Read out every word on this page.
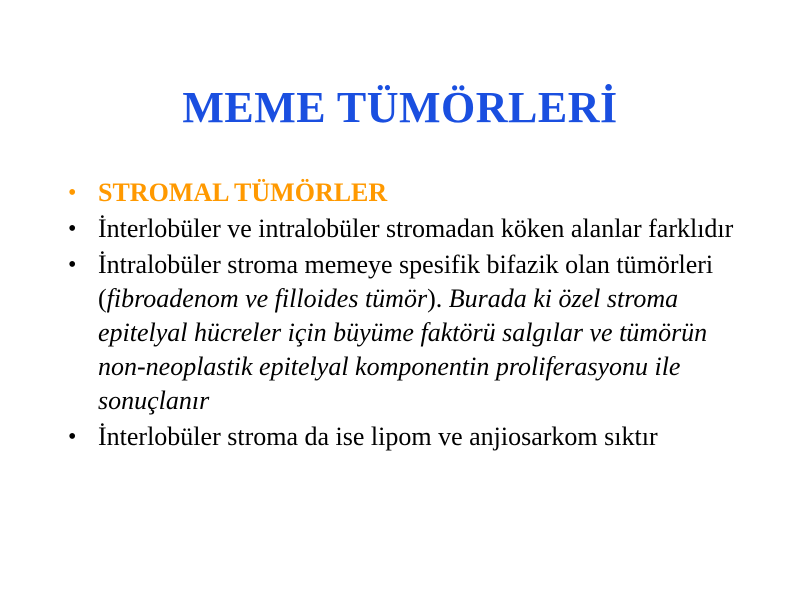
MEME TÜMÖRLERİ
• STROMAL TÜMÖRLER
• İnterlobüler ve intralobüler stromadan köken alanlar farklıdır
• İntralobüler stroma memeye spesifik bifazik olan tümörleri (fibroadenom ve filloides tümör). Burada ki özel stroma epitelyal hücreler için büyüme faktörü salgılar ve tümörün non-neoplastik epitelyal komponentin proliferasyonu ile sonuçlanır
• İnterlobüler stroma da ise lipom ve anjiosarkom sıktır
